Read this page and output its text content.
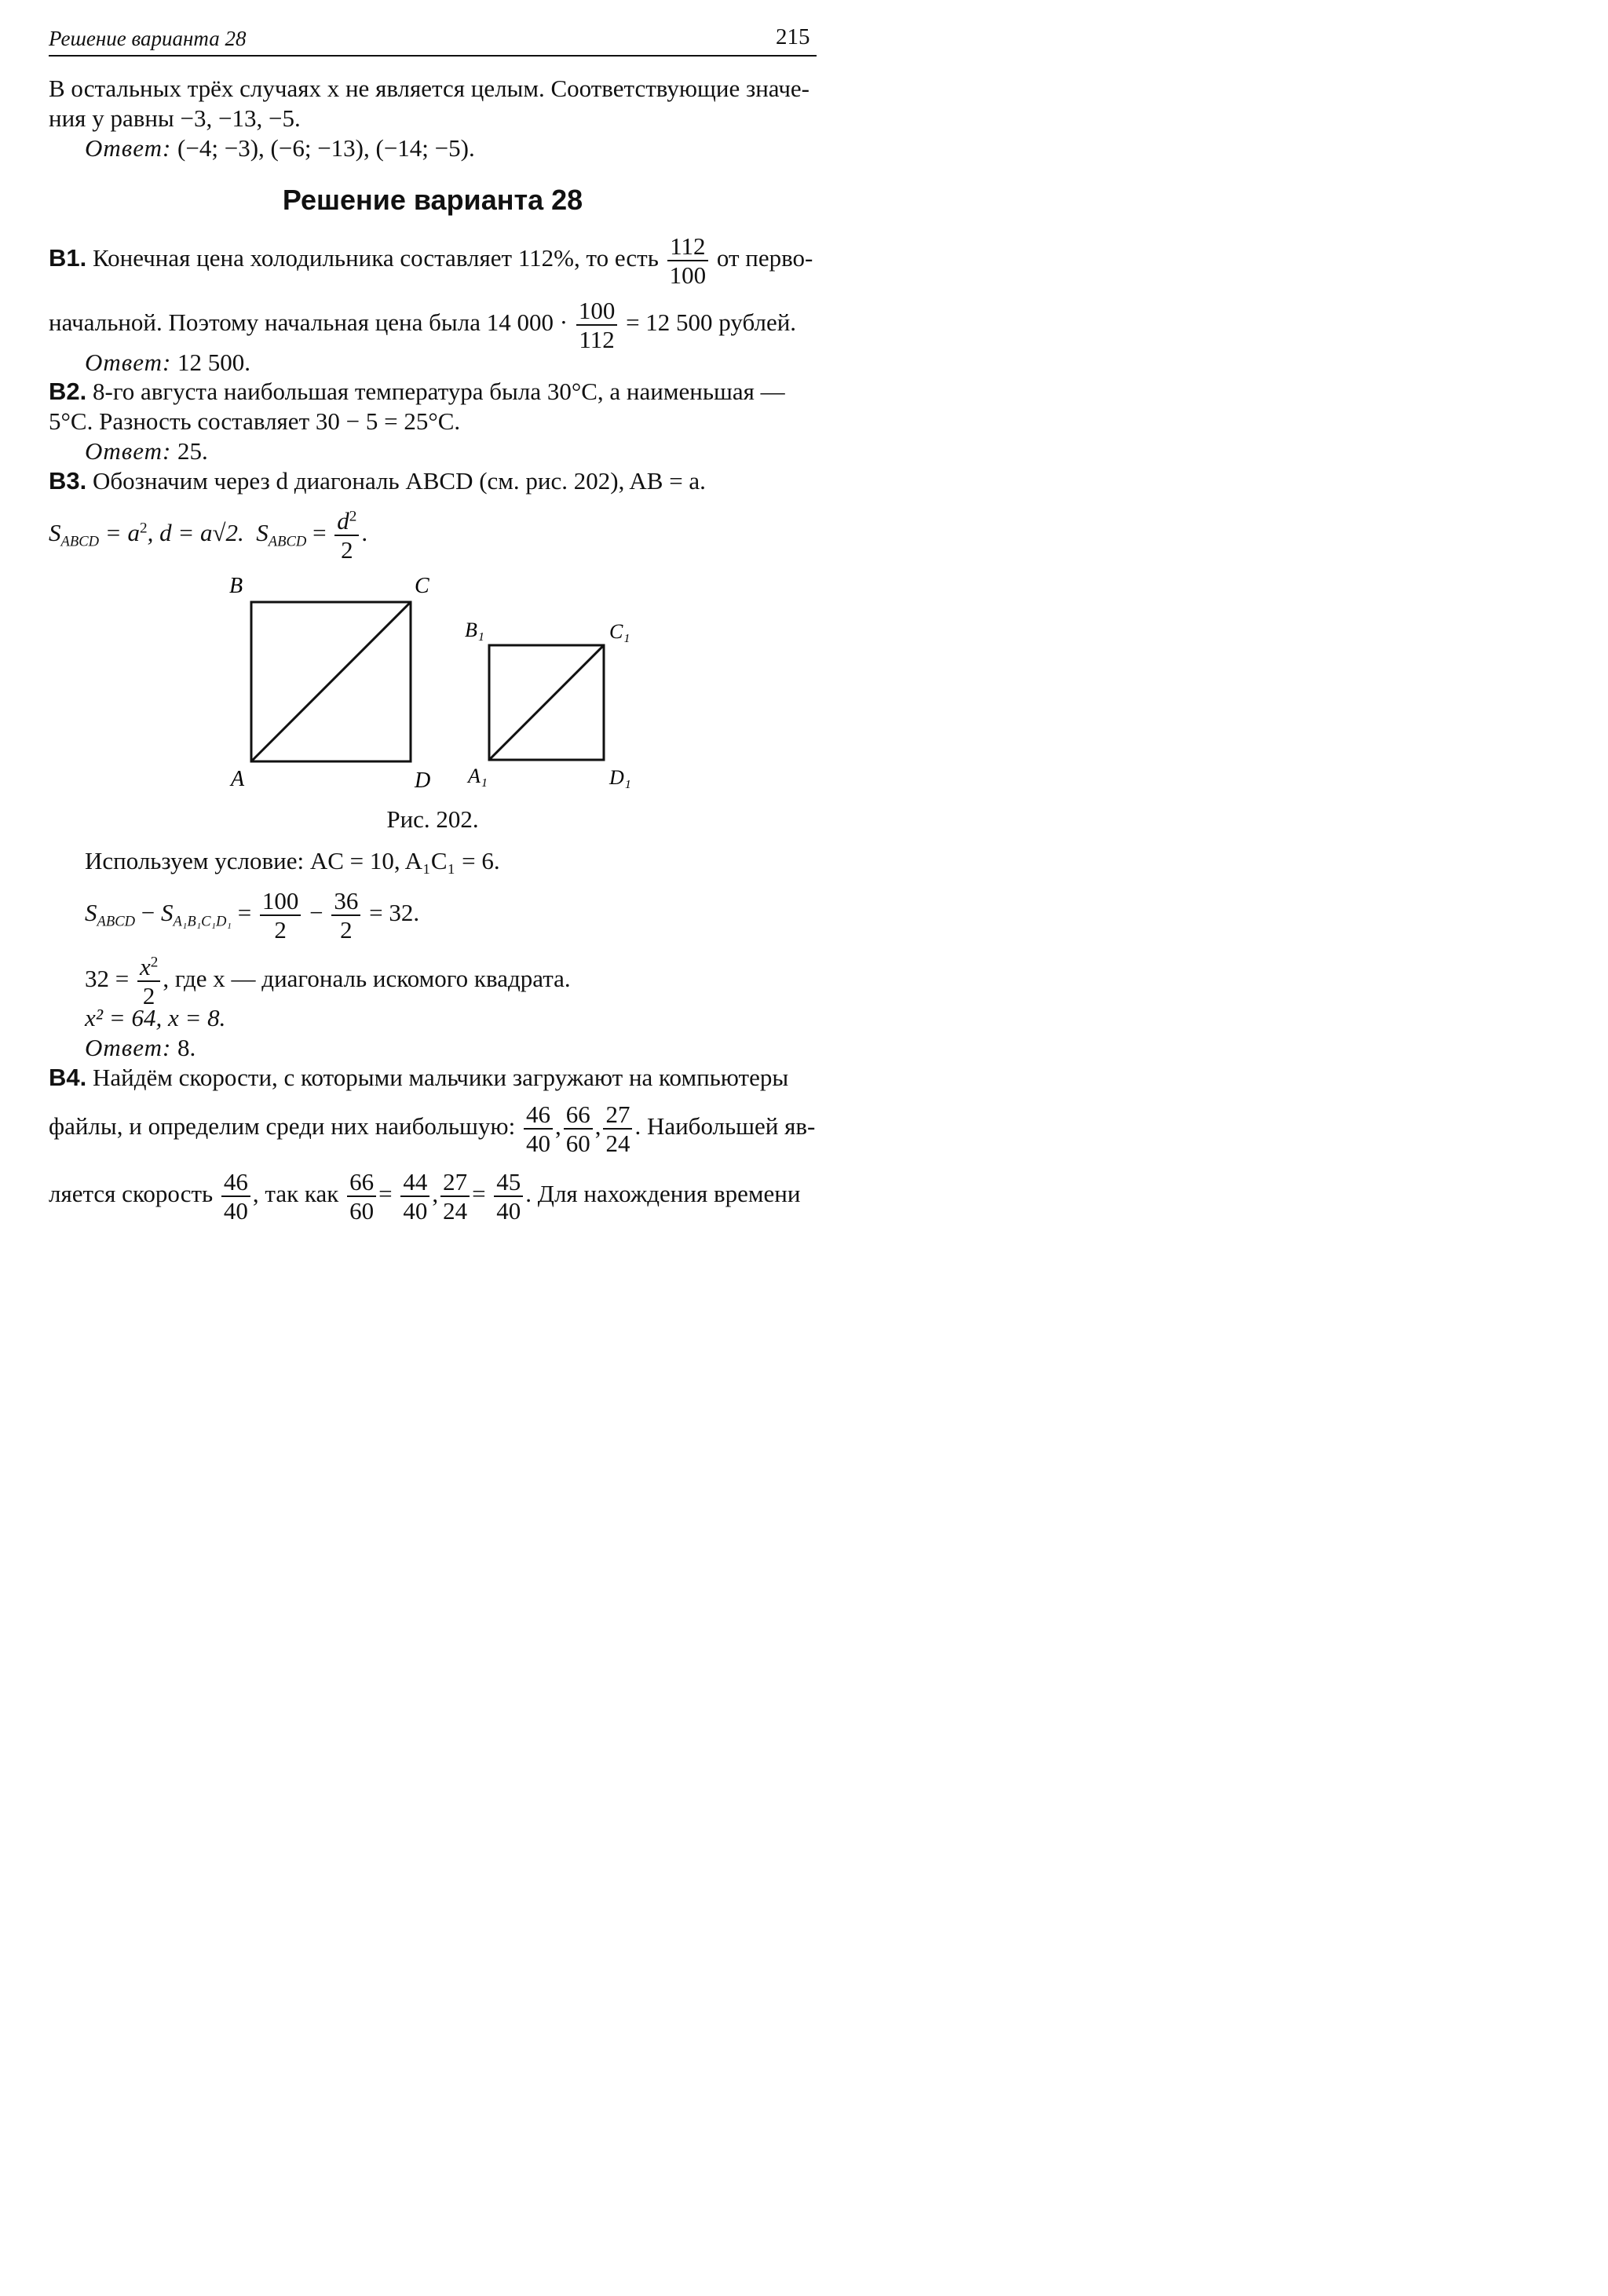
Решение варианта 28	215
В остальных трёх случаях x не является целым. Соответствующие значе-
ния y равны −3, −13, −5.
Ответ: (−4; −3), (−6; −13), (−14; −5).
Решение варианта 28
B1. Конечная цена холодильника составляет 112%, то есть $\frac{112}{100}$ от перво-
начальной. Поэтому начальная цена была 14 $000 \cdot \frac{100}{112} = 12$ 500 рублей.
Ответ: 12 500.
B2. 8-го августа наибольшая температура была 30°C, а наименьшая —
5°C. Разность составляет 30 − 5 = 25°C.
Ответ: 25.
B3. Обозначим через d диагональ ABCD (см. рис. 202), AB = a.
$S_{ABCD} = a^2$, d = a√2. $S_{ABCD} = \frac{d^2}{2}$ .
B	C
A	D
B₁	C₁
A₁	D₁
Рис. 202.
Используем условие: AC = 10, A₁C₁ = 6.
$S_{ABCD} - S_{A_1B_1C_1D_1} = \frac{100}{2} - \frac{36}{2} = 32$.
$32 = \frac{x^2}{2}$ , где x — диагональ искомого квадрата.
x² = 64, x = 8.
Ответ: 8.
B4. Найдём скорости, с которыми мальчики загружают на компьютеры
файлы, и определим среди них наибольшую: $\frac{46}{40}$ , $\frac{66}{60}$ , $\frac{27}{24}$ . Наибольшей яв-
ляется скорость $\frac{46}{40}$ , так как $\frac{66}{60} = \frac{44}{40}$ , $\frac{27}{24} = \frac{45}{40}$ . Для нахождения времени
